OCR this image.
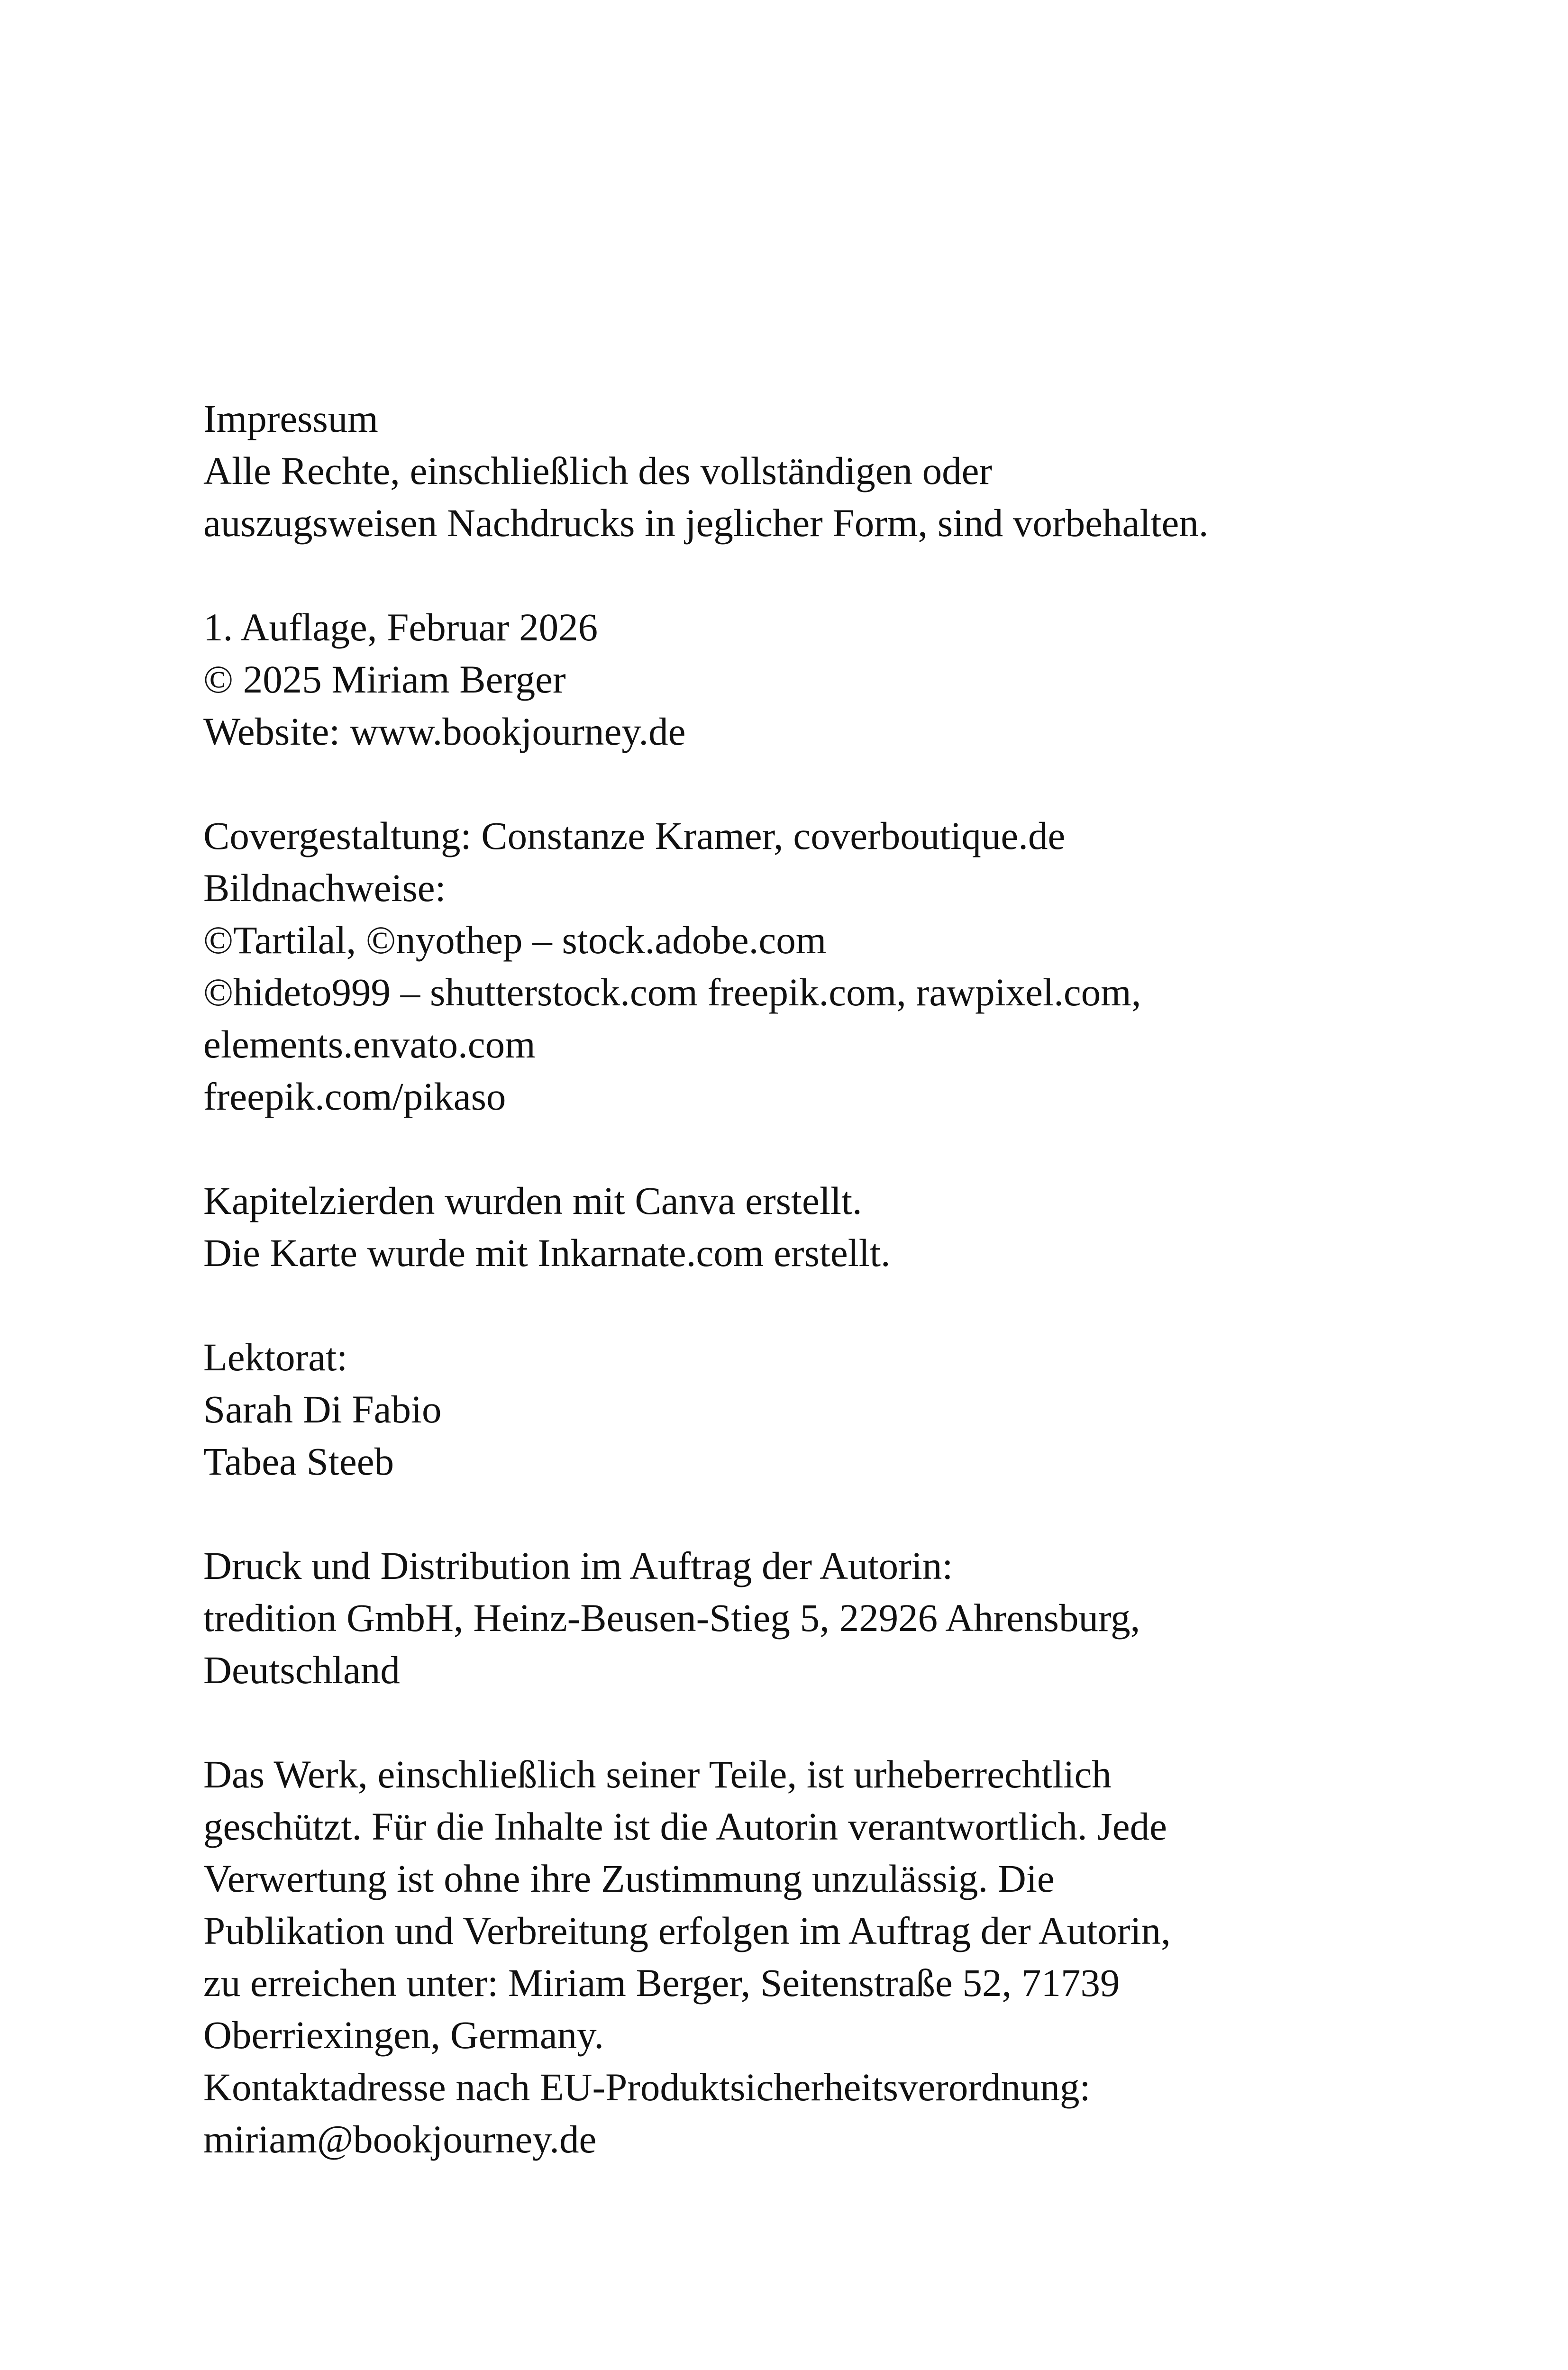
Impressum
Alle Rechte, einschließlich des vollständigen oder
auszugsweisen Nachdrucks in jeglicher Form, sind vorbehalten.
1. Auflage, Februar 2026
© 2025 Miriam Berger
Website: www.bookjourney.de
Covergestaltung: Constanze Kramer, coverboutique.de
Bildnachweise:
©Tartilal, ©nyothep – stock.adobe.com
©hideto999 – shutterstock.com freepik.com, rawpixel.com,
elements.envato.com
freepik.com/pikaso
Kapitelzierden wurden mit Canva erstellt.
Die Karte wurde mit Inkarnate.com erstellt.
Lektorat:
Sarah Di Fabio
Tabea Steeb
Druck und Distribution im Auftrag der Autorin:
tredition GmbH, Heinz-Beusen-Stieg 5, 22926 Ahrensburg,
Deutschland
Das Werk, einschließlich seiner Teile, ist urheberrechtlich
geschützt. Für die Inhalte ist die Autorin verantwortlich. Jede
Verwertung ist ohne ihre Zustimmung unzulässig. Die
Publikation und Verbreitung erfolgen im Auftrag der Autorin,
zu erreichen unter: Miriam Berger, Seitenstraße 52, 71739
Oberriexingen, Germany.
Kontaktadresse nach EU-Produktsicherheitsverordnung:
miriam@bookjourney.de
